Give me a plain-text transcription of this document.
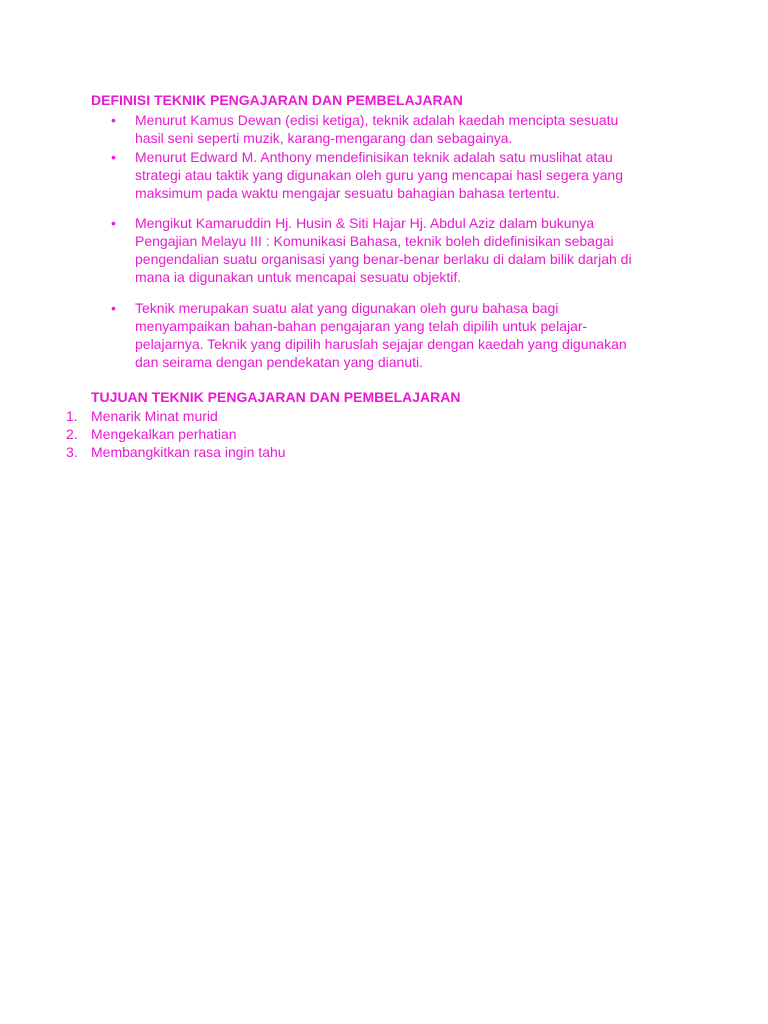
DEFINISI TEKNIK PENGAJARAN DAN PEMBELAJARAN
• Menurut Kamus Dewan (edisi ketiga), teknik adalah kaedah mencipta sesuatu
hasil seni seperti muzik, karang-mengarang dan sebagainya.
• Menurut Edward M. Anthony mendefinisikan teknik adalah satu muslihat atau
strategi atau taktik yang digunakan oleh guru yang mencapai hasl segera yang
maksimum pada waktu mengajar sesuatu bahagian bahasa tertentu.
• Mengikut Kamaruddin Hj. Husin & Siti Hajar Hj. Abdul Aziz dalam bukunya
Pengajian Melayu III : Komunikasi Bahasa, teknik boleh didefinisikan sebagai
pengendalian suatu organisasi yang benar-benar berlaku di dalam bilik darjah di
mana ia digunakan untuk mencapai sesuatu objektif.
• Teknik merupakan suatu alat yang digunakan oleh guru bahasa bagi
menyampaikan bahan-bahan pengajaran yang telah dipilih untuk pelajar-
pelajarnya. Teknik yang dipilih haruslah sejajar dengan kaedah yang digunakan
dan seirama dengan pendekatan yang dianuti.
TUJUAN TEKNIK PENGAJARAN DAN PEMBELAJARAN
1. Menarik Minat murid
2. Mengekalkan perhatian
3. Membangkitkan rasa ingin tahu
